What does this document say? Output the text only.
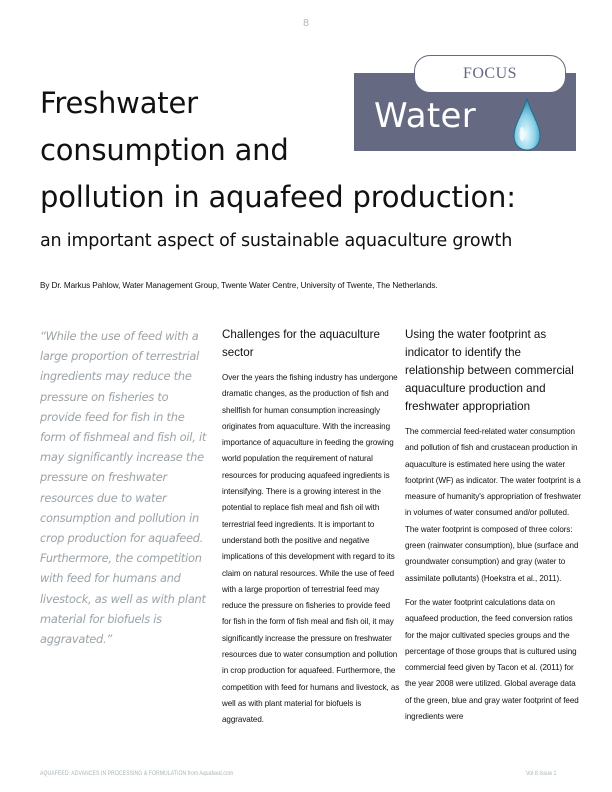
8
FOCUS
Water
Freshwater
consumption and
pollution in aquafeed production:
an important aspect of sustainable aquaculture growth
By Dr. Markus Pahlow, Water Management Group, Twente Water Centre, University of Twente, The Netherlands.
“While the use of feed with a large proportion of terrestrial ingredients may reduce the pressure on fisheries to provide feed for fish in the form of fishmeal and fish oil, it may significantly increase the pressure on freshwater resources due to water consumption and pollution in crop production for aquafeed. Furthermore, the competition with feed for humans and livestock, as well as with plant material for biofuels is aggravated.”
Challenges for the aquaculture sector

Over the years the fishing industry has undergone dramatic changes, as the production of fish and shellfish for human consumption increasingly originates from aquaculture. With the increasing importance of aquaculture in feeding the growing world population the requirement of natural resources for producing aquafeed ingredients is intensifying. There is a growing interest in the potential to replace fish meal and fish oil with terrestrial feed ingredients. It is important to understand both the positive and negative implications of this development with regard to its claim on natural resources. While the use of feed with a large proportion of terrestrial feed may reduce the pressure on fisheries to provide feed for fish in the form of fish meal and fish oil, it may significantly increase the pressure on freshwater resources due to water consumption and pollution in crop production for aquafeed. Furthermore, the competition with feed for humans and livestock, as well as with plant material for biofuels is aggravated.

Using the water footprint as indicator to identify the relationship between commercial aquaculture production and freshwater appropriation

The commercial feed-related water consumption and pollution of fish and crustacean production in aquaculture is estimated here using the water footprint (WF) as indicator. The water footprint is a measure of humanity's appropriation of freshwater in volumes of water consumed and/or polluted. The water footprint is composed of three colors: green (rainwater consumption), blue (surface and groundwater consumption) and gray (water to assimilate pollutants) (Hoekstra et al., 2011).

For the water footprint calculations data on aquafeed production, the feed conversion ratios for the major cultivated species groups and the percentage of those groups that is cultured using commercial feed given by Tacon et al. (2011) for the year 2008 were utilized. Global average data of the green, blue and gray water footprint of feed ingredients were

AQUAFEED: ADVANCES IN PROCESSING & FORMULATION from Aquafeed.com	Vol 8 Issue 1
